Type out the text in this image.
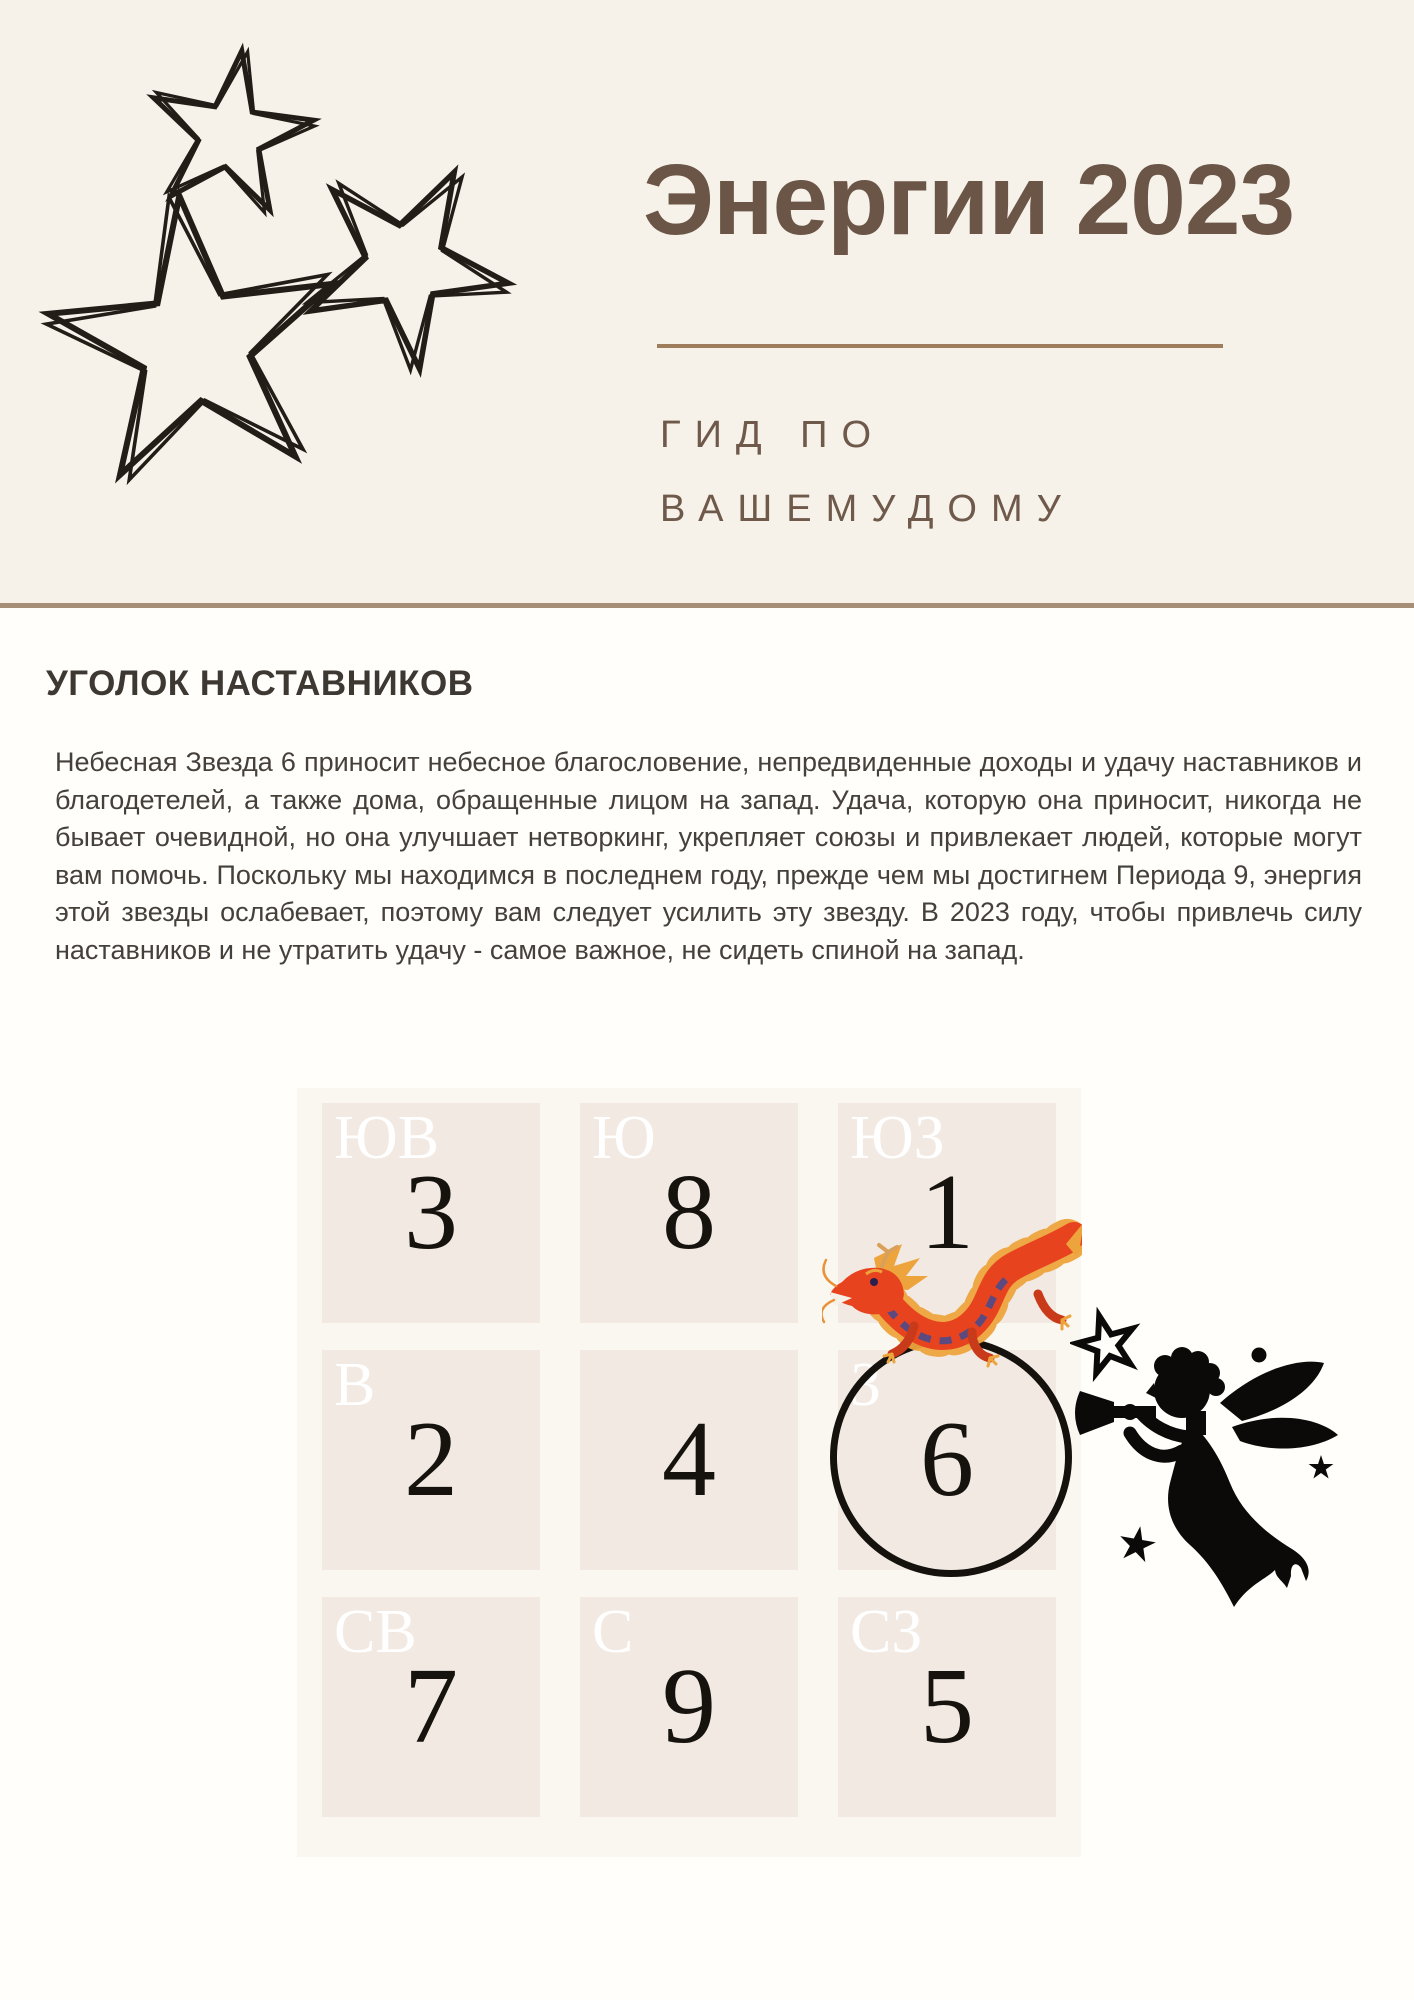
Энергии 2023
ГИД ПО
ВАШЕМУДОМУ
УГОЛОК НАСТАВНИКОВ
Небесная Звезда 6 приносит небесное благословение, непредвиденные доходы и удачу наставников и благодетелей, а также дома, обращенные лицом на запад. Удача, которую она приносит, никогда не бывает очевидной, но она улучшает нетворкинг, укрепляет союзы и привлекает людей, которые могут вам помочь. Поскольку мы находимся в последнем году, прежде чем мы достигнем Периода 9, энергия этой звезды ослабевает, поэтому вам следует усилить эту звезду. В 2023 году, чтобы привлечь силу наставников и не утратить удачу - самое важное, не сидеть спиной на запад.
ЮВ
3
Ю
8
ЮЗ
1
В
2	4
З
6
СВ
7
С
9
СЗ
5
